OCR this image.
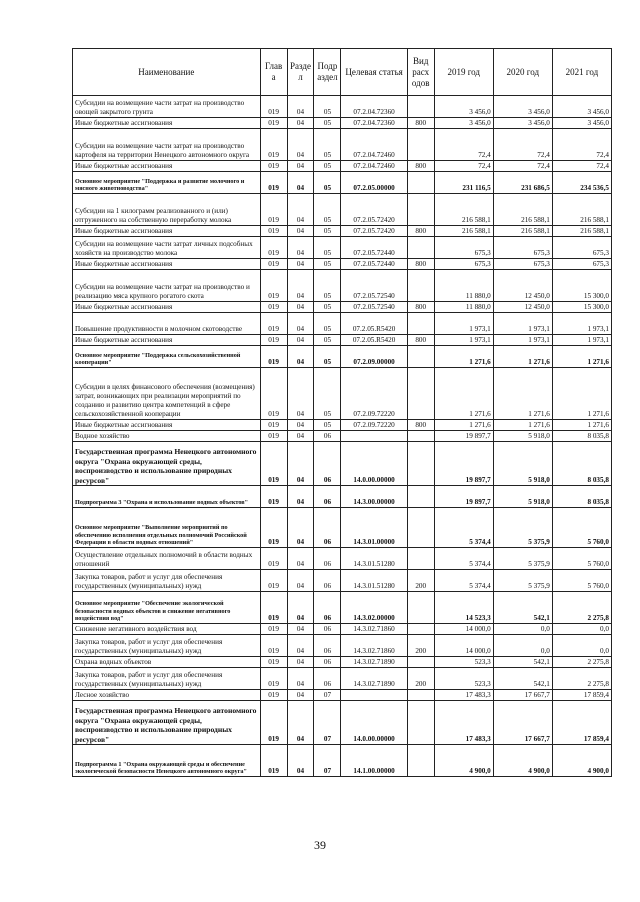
Наименование	Глав а	Разде л	Подр аздел	Целевая статья	Вид расх одов	2019 год	2020 год	2021 год
Субсидии на возмещение части затрат на производство овощей закрытого грунта	019	04	05	07.2.04.72360		3 456,0	3 456,0	3 456,0
Иные бюджетные ассигнования	019	04	05	07.2.04.72360	800	3 456,0	3 456,0	3 456,0
Субсидии на возмещение части затрат на производство картофеля на территории Ненецкого автономного округа	019	04	05	07.2.04.72460		72,4	72,4	72,4
Иные бюджетные ассигнования	019	04	05	07.2.04.72460	800	72,4	72,4	72,4
Основное мероприятие "Поддержка и развитие молочного и мясного животноводства"	019	04	05	07.2.05.00000		231 116,5	231 686,5	234 536,5
Субсидии на 1 килограмм реализованного и (или) отгруженного на собственную переработку молока	019	04	05	07.2.05.72420		216 588,1	216 588,1	216 588,1
Иные бюджетные ассигнования	019	04	05	07.2.05.72420	800	216 588,1	216 588,1	216 588,1
Субсидии на возмещение части затрат личных подсобных хозяйств на производство молока	019	04	05	07.2.05.72440		675,3	675,3	675,3
Иные бюджетные ассигнования	019	04	05	07.2.05.72440	800	675,3	675,3	675,3
Субсидии на возмещение части затрат на производство и реализацию мяса крупного рогатого скота	019	04	05	07.2.05.72540		11 880,0	12 450,0	15 300,0
Иные бюджетные ассигнования	019	04	05	07.2.05.72540	800	11 880,0	12 450,0	15 300,0
Повышение продуктивности в молочном скотоводстве	019	04	05	07.2.05.R5420		1 973,1	1 973,1	1 973,1
Иные бюджетные ассигнования	019	04	05	07.2.05.R5420	800	1 973,1	1 973,1	1 973,1
Основное мероприятие "Поддержка сельскохозяйственной кооперации"	019	04	05	07.2.09.00000		1 271,6	1 271,6	1 271,6
Субсидии в целях финансового обеспечения (возмещения) затрат, возникающих при реализации мероприятий по созданию и развитию центра компетенций в сфере сельскохозяйственной кооперации	019	04	05	07.2.09.72220		1 271,6	1 271,6	1 271,6
Иные бюджетные ассигнования	019	04	05	07.2.09.72220	800	1 271,6	1 271,6	1 271,6
Водное хозяйство	019	04	06			19 897,7	5 918,0	8 035,8
Государственная программа Ненецкого автономного округа "Охрана окружающей среды, воспроизводство и использование природных ресурсов"	019	04	06	14.0.00.00000		19 897,7	5 918,0	8 035,8
Подпрограмма 3 "Охрана и использование водных объектов"	019	04	06	14.3.00.00000		19 897,7	5 918,0	8 035,8
Основное мероприятие "Выполнение мероприятий по обеспечению исполнения отдельных полномочий Российской Федерации в области водных отношений"	019	04	06	14.3.01.00000		5 374,4	5 375,9	5 760,0
Осуществление отдельных полномочий в области водных отношений	019	04	06	14.3.01.51280		5 374,4	5 375,9	5 760,0
Закупка товаров, работ и услуг для обеспечения государственных (муниципальных) нужд	019	04	06	14.3.01.51280	200	5 374,4	5 375,9	5 760,0
Основное мероприятие "Обеспечение экологической безопасности водных объектов и снижение негативного воздействия вод"	019	04	06	14.3.02.00000		14 523,3	542,1	2 275,8
Снижение негативного воздействия вод	019	04	06	14.3.02.71860		14 000,0	0,0	0,0
Закупка товаров, работ и услуг для обеспечения государственных (муниципальных) нужд	019	04	06	14.3.02.71860	200	14 000,0	0,0	0,0
Охрана водных объектов	019	04	06	14.3.02.71890		523,3	542,1	2 275,8
Закупка товаров, работ и услуг для обеспечения государственных (муниципальных) нужд	019	04	06	14.3.02.71890	200	523,3	542,1	2 275,8
Лесное хозяйство	019	04	07			17 483,3	17 667,7	17 859,4
Государственная программа Ненецкого автономного округа "Охрана окружающей среды, воспроизводство и использование природных ресурсов"	019	04	07	14.0.00.00000		17 483,3	17 667,7	17 859,4
Подпрограмма 1 "Охрана окружающей среды и обеспечение экологической безопасности Ненецкого автономного округа"	019	04	07	14.1.00.00000		4 900,0	4 900,0	4 900,0
39
